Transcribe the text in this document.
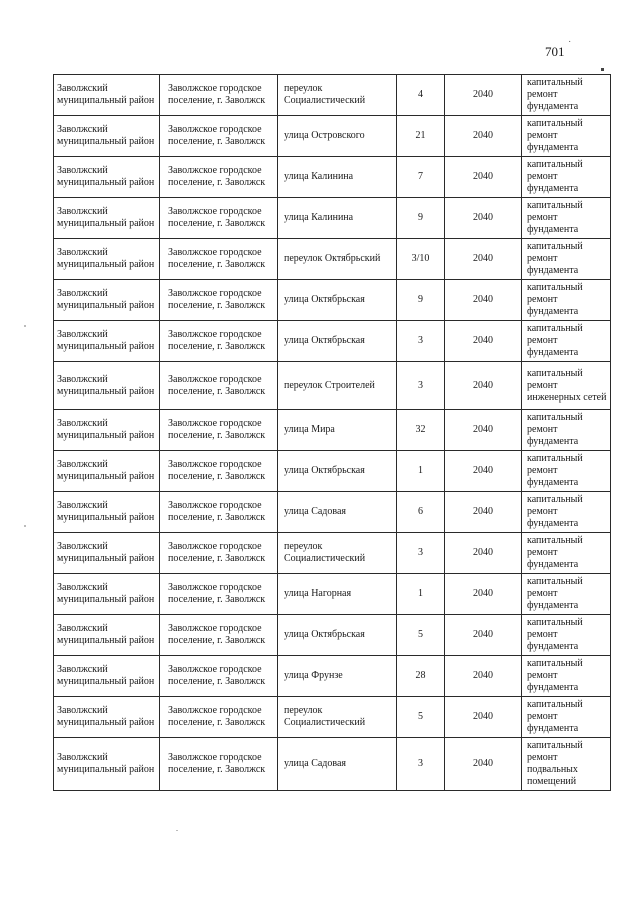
701 ˙
Заволжский муниципальный район	Заволжское городское поселение, г. Заволжск	переулок Социалистический	4	2040	капитальный ремонт фундамента
Заволжский муниципальный район	Заволжское городское поселение, г. Заволжск	улица Островского	21	2040	капитальный ремонт фундамента
Заволжский муниципальный район	Заволжское городское поселение, г. Заволжск	улица Калинина	7	2040	капитальный ремонт фундамента
Заволжский муниципальный район	Заволжское городское поселение, г. Заволжск	улица Калинина	9	2040	капитальный ремонт фундамента
Заволжский муниципальный район	Заволжское городское поселение, г. Заволжск	переулок Октябрьский	3/10	2040	капитальный ремонт фундамента
Заволжский муниципальный район	Заволжское городское поселение, г. Заволжск	улица Октябрьская	9	2040	капитальный ремонт фундамента
Заволжский муниципальный район	Заволжское городское поселение, г. Заволжск	улица Октябрьская	3	2040	капитальный ремонт фундамента
Заволжский муниципальный район	Заволжское городское поселение, г. Заволжск	переулок Строителей	3	2040	капитальный ремонт инженерных сетей
Заволжский муниципальный район	Заволжское городское поселение, г. Заволжск	улица Мира	32	2040	капитальный ремонт фундамента
Заволжский муниципальный район	Заволжское городское поселение, г. Заволжск	улица Октябрьская	1	2040	капитальный ремонт фундамента
Заволжский муниципальный район	Заволжское городское поселение, г. Заволжск	улица Садовая	6	2040	капитальный ремонт фундамента
Заволжский муниципальный район	Заволжское городское поселение, г. Заволжск	переулок Социалистический	3	2040	капитальный ремонт фундамента
Заволжский муниципальный район	Заволжское городское поселение, г. Заволжск	улица Нагорная	1	2040	капитальный ремонт фундамента
Заволжский муниципальный район	Заволжское городское поселение, г. Заволжск	улица Октябрьская	5	2040	капитальный ремонт фундамента
Заволжский муниципальный район	Заволжское городское поселение, г. Заволжск	улица Фрунзе	28	2040	капитальный ремонт фундамента
Заволжский муниципальный район	Заволжское городское поселение, г. Заволжск	переулок Социалистический	5	2040	капитальный ремонт фундамента
Заволжский муниципальный район	Заволжское городское поселение, г. Заволжск	улица Садовая	3	2040	капитальный ремонт подвальных помещений
